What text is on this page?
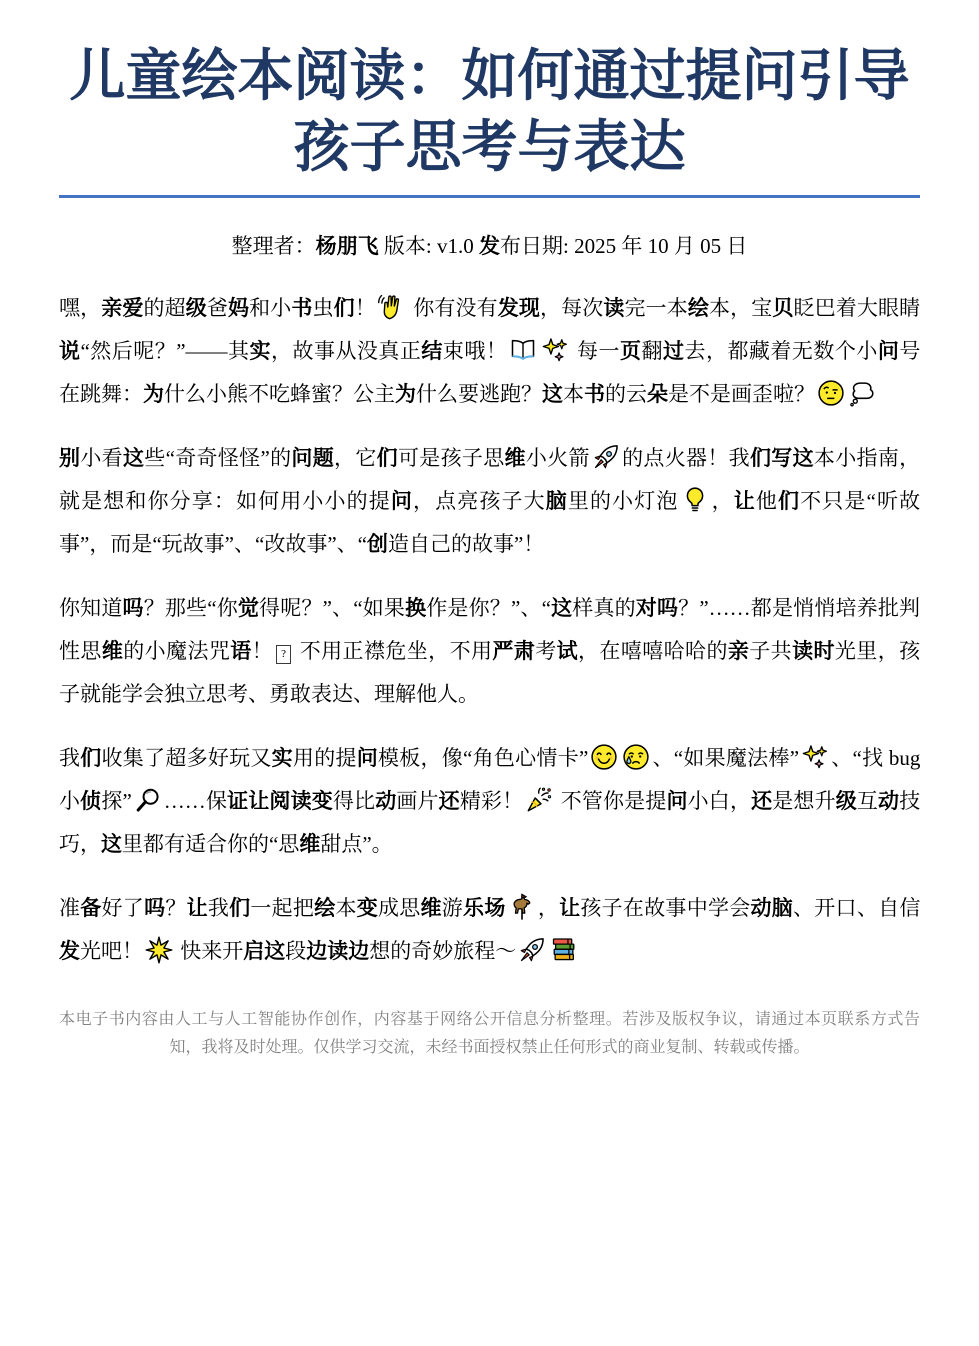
儿童绘本阅读：如何通过提问引导孩子思考与表达

整理者：杨朋飞 版本: v1.0 发布日期: 2025 年 10 月 05 日

嘿，亲爱的超级爸妈和小书虫们！ 你有没有发现，每次读完一本绘本，宝贝眨巴着大眼睛说“然后呢？”——其实，故事从没真正结束哦！	每一页翻过去，都藏着无数个小问号在跳舞：为什么小熊不吃蜂蜜？公主为什么要逃跑？这本书的云朵是不是画歪啦？

别小看这些“奇奇怪怪”的问题，它们可是孩子思维小火箭 的点火器！我们写这本小指南，就是想和你分享：如何用小小的提问，点亮孩子大脑里的小灯泡 ，让他们不只是“听故事”，而是“玩故事”、“改故事”、“创造自己的故事”！

你知道吗？那些“你觉得呢？”、“如果换作是你？”、“这样真的对吗？”……都是悄悄培养批判性思维的小魔法咒语！ ? 不用正襟危坐，不用严肃考试，在嘻嘻哈哈的亲子共读时光里，孩子就能学会独立思考、勇敢表达、理解他人。

我们收集了超多好玩又实用的提问模板，像“角色心情卡”	、“如果魔法棒” 、“找 bug 小侦探” ……保证让阅读变得比动画片还精彩！ 不管你是提问小白，还是想升级互动技巧，这里都有适合你的“思维甜点”。

准备好了吗？让我们一起把绘本变成思维游乐场 ，让孩子在故事中学会动脑、开口、自信发光吧！ 快来开启这段边读边想的奇妙旅程～

本电子书内容由人工与人工智能协作创作，内容基于网络公开信息分析整理。若涉及版权争议，请通过本页联系方式告知，我将及时处理。仅供学习交流，未经书面授权禁止任何形式的商业复制、转载或传播。
